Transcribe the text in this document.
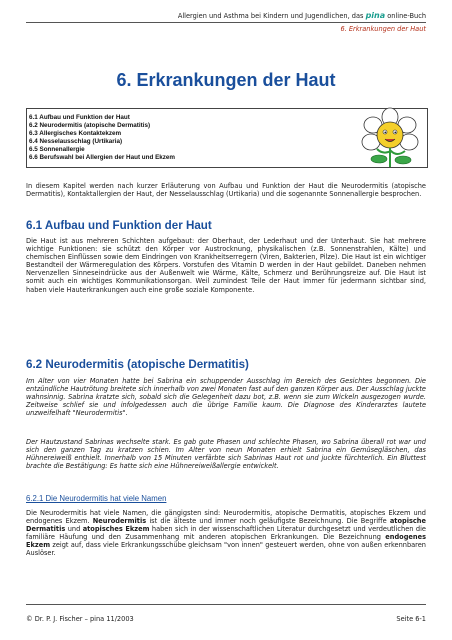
Allergien und Asthma bei Kindern und Jugendlichen, das pina online-Buch
6. Erkrankungen der Haut
6. Erkrankungen der Haut
6.1 Aufbau und Funktion der Haut
6.2 Neurodermitis (atopische Dermatitis)
6.3 Allergisches Kontaktekzem
6.4 Nesselausschlag (Urtikaria)
6.5 Sonnenallergie
6.6 Berufswahl bei Allergien der Haut und Ekzem
In diesem Kapitel werden nach kurzer Erläuterung von Aufbau und Funktion der Haut die Neurodermitis (atopische Dermatitis), Kontaktallergien der Haut, der Nesselausschlag (Urtikaria) und die sogenannte Sonnenallergie besprochen.
6.1 Aufbau und Funktion der Haut
Die Haut ist aus mehreren Schichten aufgebaut: der Oberhaut, der Lederhaut und der Unterhaut. Sie hat mehrere wichtige Funktionen: sie schützt den Körper vor Austrocknung, physikalischen (z.B. Sonnenstrahlen, Kälte) und chemischen Einflüssen sowie dem Eindringen von Krankheitserregern (Viren, Bakterien, Pilze). Die Haut ist ein wichtiger Bestandteil der Wärmeregulation des Körpers. Vorstufen des Vitamin D werden in der Haut gebildet. Daneben nehmen Nervenzellen Sinneseindrücke aus der Außenwelt wie Wärme, Kälte, Schmerz und Berührungsreize auf. Die Haut ist somit auch ein wichtiges Kommunikationsorgan. Weil zumindest Teile der Haut immer für jedermann sichtbar sind, haben viele Hauterkrankungen auch eine große soziale Komponente.
6.2 Neurodermitis (atopische Dermatitis)
Im Alter von vier Monaten hatte bei Sabrina ein schuppender Ausschlag im Bereich des Gesichtes begonnen. Die entzündliche Hautrötung breitete sich innerhalb von zwei Monaten fast auf den ganzen Körper aus. Der Ausschlag juckte wahnsinnig. Sabrina kratzte sich, sobald sich die Gelegenheit dazu bot, z.B. wenn sie zum Wickeln ausgezogen wurde. Zeitweise schlief sie und infolgedessen auch die übrige Familie kaum. Die Diagnose des Kinderarztes lautete unzweifelhaft "Neurodermitis".
Der Hautzustand Sabrinas wechselte stark. Es gab gute Phasen und schlechte Phasen, wo Sabrina überall rot war und sich den ganzen Tag zu kratzen schien. Im Alter von neun Monaten erhielt Sabrina ein Gemüsegläschen, das Hühnereiweiß enthielt. Innerhalb von 15 Minuten verfärbte sich Sabrinas Haut rot und juckte fürchterlich. Ein Bluttest brachte die Bestätigung: Es hatte sich eine Hühnereiweißallergie entwickelt.
6.2.1 Die Neurodermitis hat viele Namen
Die Neurodermitis hat viele Namen, die gängigsten sind: Neurodermitis, atopische Dermatitis, atopisches Ekzem und endogenes Ekzem. Neurodermitis ist die älteste und immer noch geläufigste Bezeichnung. Die Begriffe atopische Dermatitis und atopisches Ekzem haben sich in der wissenschaftlichen Literatur durchgesetzt und verdeutlichen die familiäre Häufung und den Zusammenhang mit anderen atopischen Erkrankungen. Die Bezeichnung endogenes Ekzem zeigt auf, dass viele Erkrankungsschübe gleichsam "von innen" gesteuert werden, ohne von außen erkennbaren Auslöser.
© Dr. P. J. Fischer – pina 11/2003	Seite 6-1
